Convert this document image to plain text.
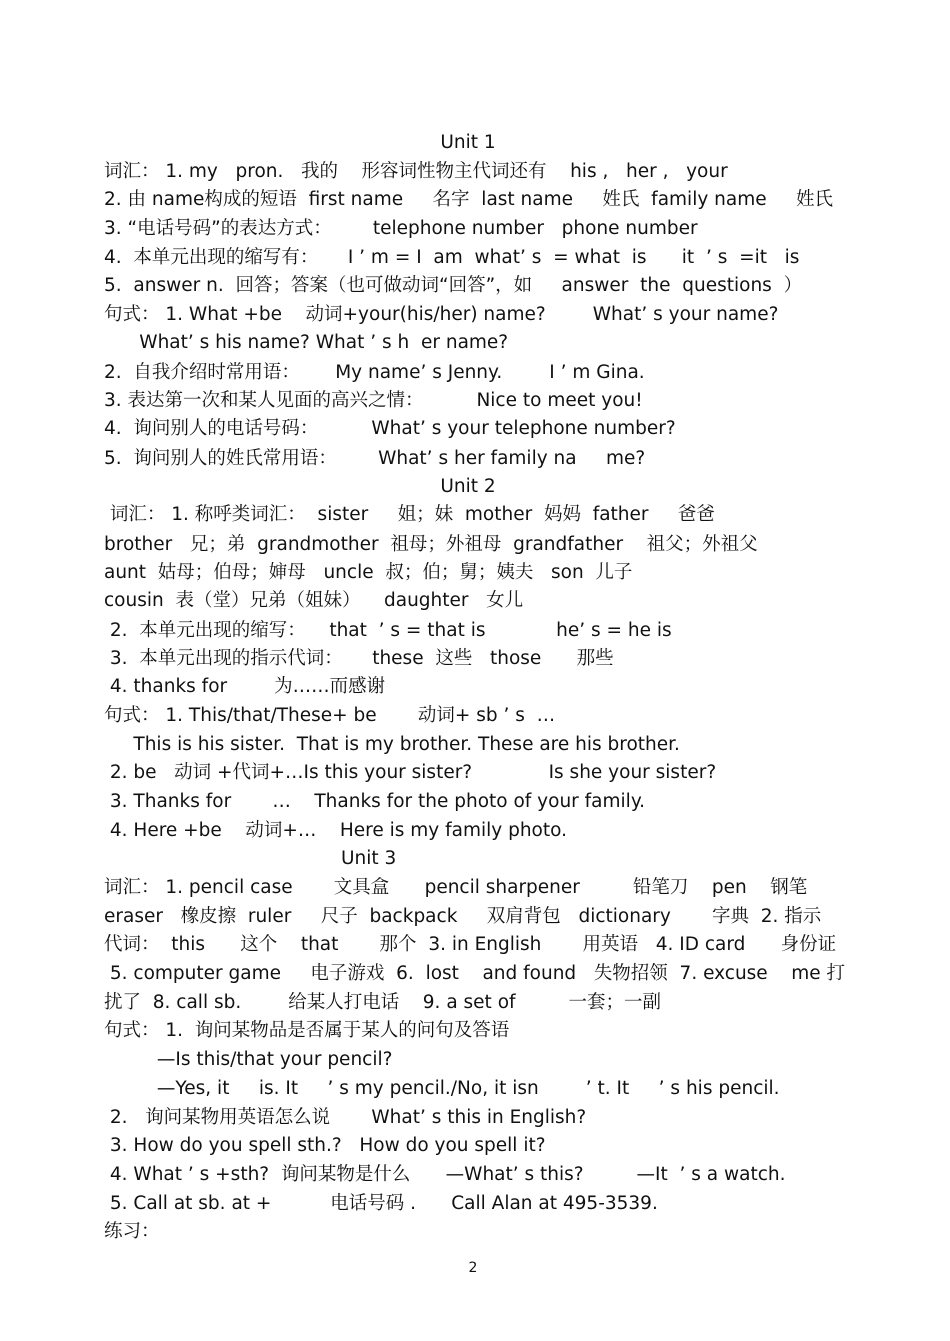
Unit 1
词汇： 1. my   pron.   我的    形容词性物主代词还有    his ,   her ,   your
2. 由 name构成的短语  first name     名字  last name     姓氏  family name     姓氏
3. “电话号码”的表达方式：       telephone number   phone number
4.  本单元出现的缩写有：     I ’ m = I  am  what’ s  = what  is      it  ’ s  =it   is
5.  answer n.  回答；答案（也可做动词“回答”，如     answer  the  questions  ）
句式： 1. What +be    动词+your(his/her) name?        What’ s your name?
What’ s his name? What ’ s h  er name?
2.  自我介绍时常用语：      My name’ s Jenny.        I ’ m Gina.
3. 表达第一次和某人见面的高兴之情：         Nice to meet you!
4.  询问别人的电话号码：         What’ s your telephone number?
5.  询问别人的姓氏常用语：       What’ s her family na     me?
Unit 2
词汇： 1. 称呼类词汇：  sister     姐；妹  mother  妈妈  father     爸爸
brother   兄；弟  grandmother  祖母；外祖母  grandfather    祖父；外祖父
aunt  姑母；伯母；婶母   uncle  叔；伯；舅；姨夫   son  儿子
cousin  表（堂）兄弟（姐妹）    daughter   女儿
2.  本单元出现的缩写：    that  ’ s = that is            he’ s = he is
3.  本单元出现的指示代词：     these  这些   those      那些
4. thanks for        为……而感谢
句式： 1. This/that/These+ be       动词+ sb ’ s  …
This is his sister.  That is my brother. These are his brother.
2. be   动词 +代词+…Is this your sister?             Is she your sister?
3. Thanks for       …    Thanks for the photo of your family.
4. Here +be    动词+…    Here is my family photo.
Unit 3
词汇： 1. pencil case       文具盒      pencil sharpener         铅笔刀    pen    钢笔
eraser   橡皮擦  ruler     尺子  backpack     双肩背包   dictionary       字典  2. 指示
代词：  this      这个    that       那个  3. in English       用英语   4. ID card      身份证
5. computer game     电子游戏  6.  lost    and found   失物招领  7. excuse    me 打
扰了  8. call sb.        给某人打电话    9. a set of         一套；一副
句式： 1.  询问某物品是否属于某人的问句及答语
—Is this/that your pencil?
—Yes, it     is. It     ’ s my pencil./No, it isn        ’ t. It     ’ s his pencil.
2.   询问某物用英语怎么说       What’ s this in English?
3. How do you spell sth.?   How do you spell it?
4. What ’ s +sth?  询问某物是什么      —What’ s this?         —It  ’ s a watch.
5. Call at sb. at +          电话号码 .      Call Alan at 495-3539.
练习：
2
